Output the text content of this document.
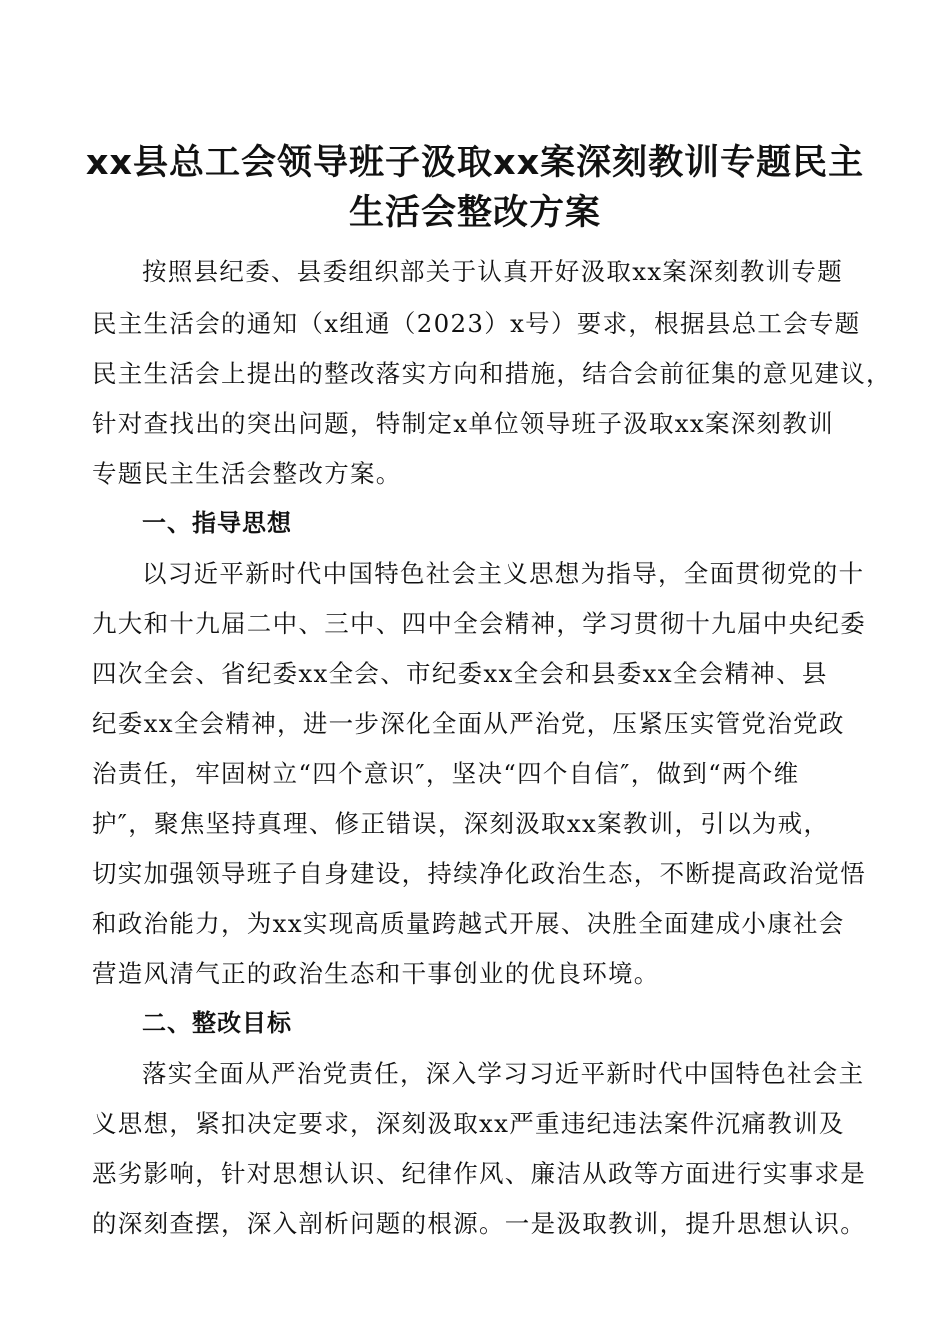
xx县总工会领导班子汲取xx案深刻教训专题民主
生活会整改方案
按照县纪委、县委组织部关于认真开好汲取xx案深刻教训专题
民主生活会的通知（x组通（2023）x号）要求，根据县总工会专题
民主生活会上提出的整改落实方向和措施，结合会前征集的意见建议，
针对查找出的突出问题，特制定x单位领导班子汲取xx案深刻教训
专题民主生活会整改方案。
一、指导思想
以习近平新时代中国特色社会主义思想为指导，全面贯彻党的十
九大和十九届二中、三中、四中全会精神，学习贯彻十九届中央纪委
四次全会、省纪委xx全会、市纪委xx全会和县委xx全会精神、县
纪委xx全会精神，进一步深化全面从严治党，压紧压实管党治党政
治责任，牢固树立“四个意识″，坚决“四个自信″，做到“两个维
护″，聚焦坚持真理、修正错误，深刻汲取xx案教训，引以为戒，
切实加强领导班子自身建设，持续净化政治生态，不断提高政治觉悟
和政治能力，为xx实现高质量跨越式开展、决胜全面建成小康社会
营造风清气正的政治生态和干事创业的优良环境。
二、整改目标
落实全面从严治党责任，深入学习习近平新时代中国特色社会主
义思想，紧扣决定要求，深刻汲取xx严重违纪违法案件沉痛教训及
恶劣影响，针对思想认识、纪律作风、廉洁从政等方面进行实事求是
的深刻查摆，深入剖析问题的根源。一是汲取教训，提升思想认识。
